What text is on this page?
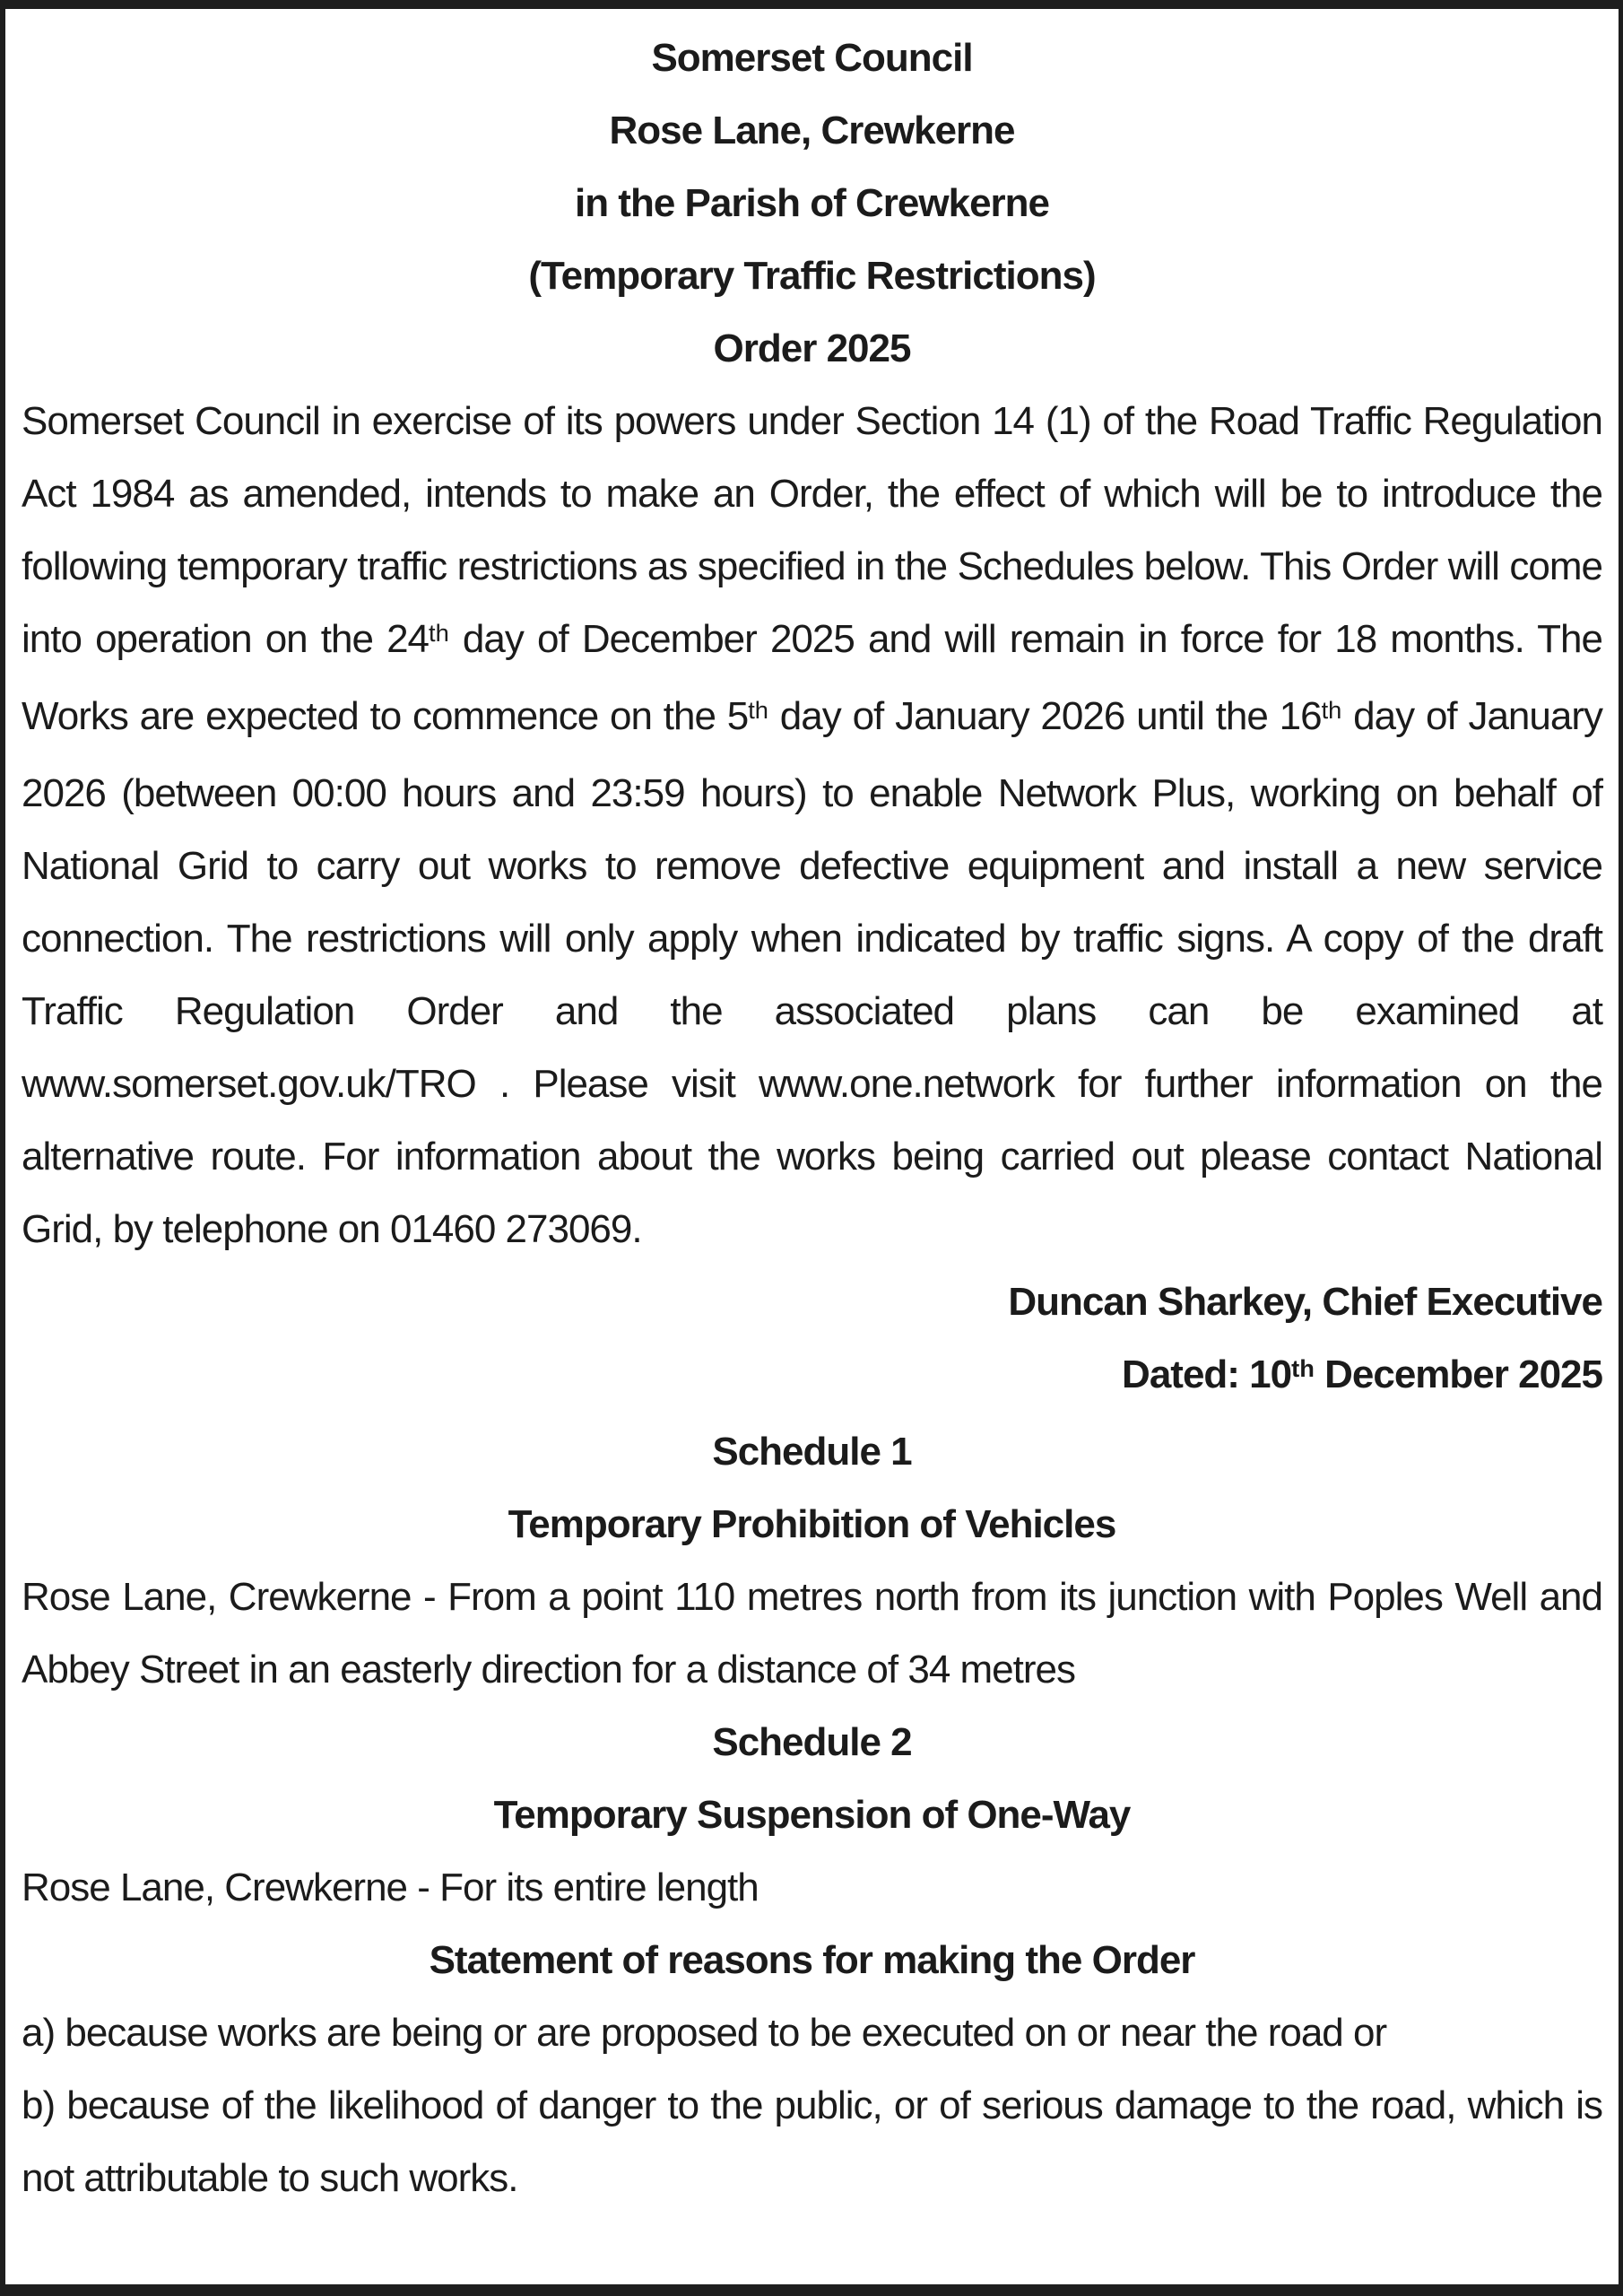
Somerset Council
Rose Lane, Crewkerne
in the Parish of Crewkerne
(Temporary Traffic Restrictions)
Order 2025

Somerset Council in exercise of its powers under Section 14 (1) of the Road Traffic Regulation Act 1984 as amended, intends to make an Order, the effect of which will be to introduce the following temporary traffic restrictions as specified in the Schedules below. This Order will come into operation on the 24th day of December 2025 and will remain in force for 18 months. The Works are expected to commence on the 5th day of January 2026 until the 16th day of January 2026 (between 00:00 hours and 23:59 hours) to enable Network Plus, working on behalf of National Grid to carry out works to remove defective equipment and install a new service connection. The restrictions will only apply when indicated by traffic signs. A copy of the draft Traffic Regulation Order and the associated plans can be examined at www.somerset.gov.uk/TRO . Please visit www.one.network for further information on the alternative route. For information about the works being carried out please contact National Grid, by telephone on 01460 273069.

Duncan Sharkey, Chief Executive
Dated: 10th December 2025
Schedule 1
Temporary Prohibition of Vehicles

Rose Lane, Crewkerne - From a point 110 metres north from its junction with Poples Well and Abbey Street in an easterly direction for a distance of 34 metres

Schedule 2
Temporary Suspension of One-Way

Rose Lane, Crewkerne - For its entire length

Statement of reasons for making the Order

a) because works are being or are proposed to be executed on or near the road or

b) because of the likelihood of danger to the public, or of serious damage to the road, which is not attributable to such works.
